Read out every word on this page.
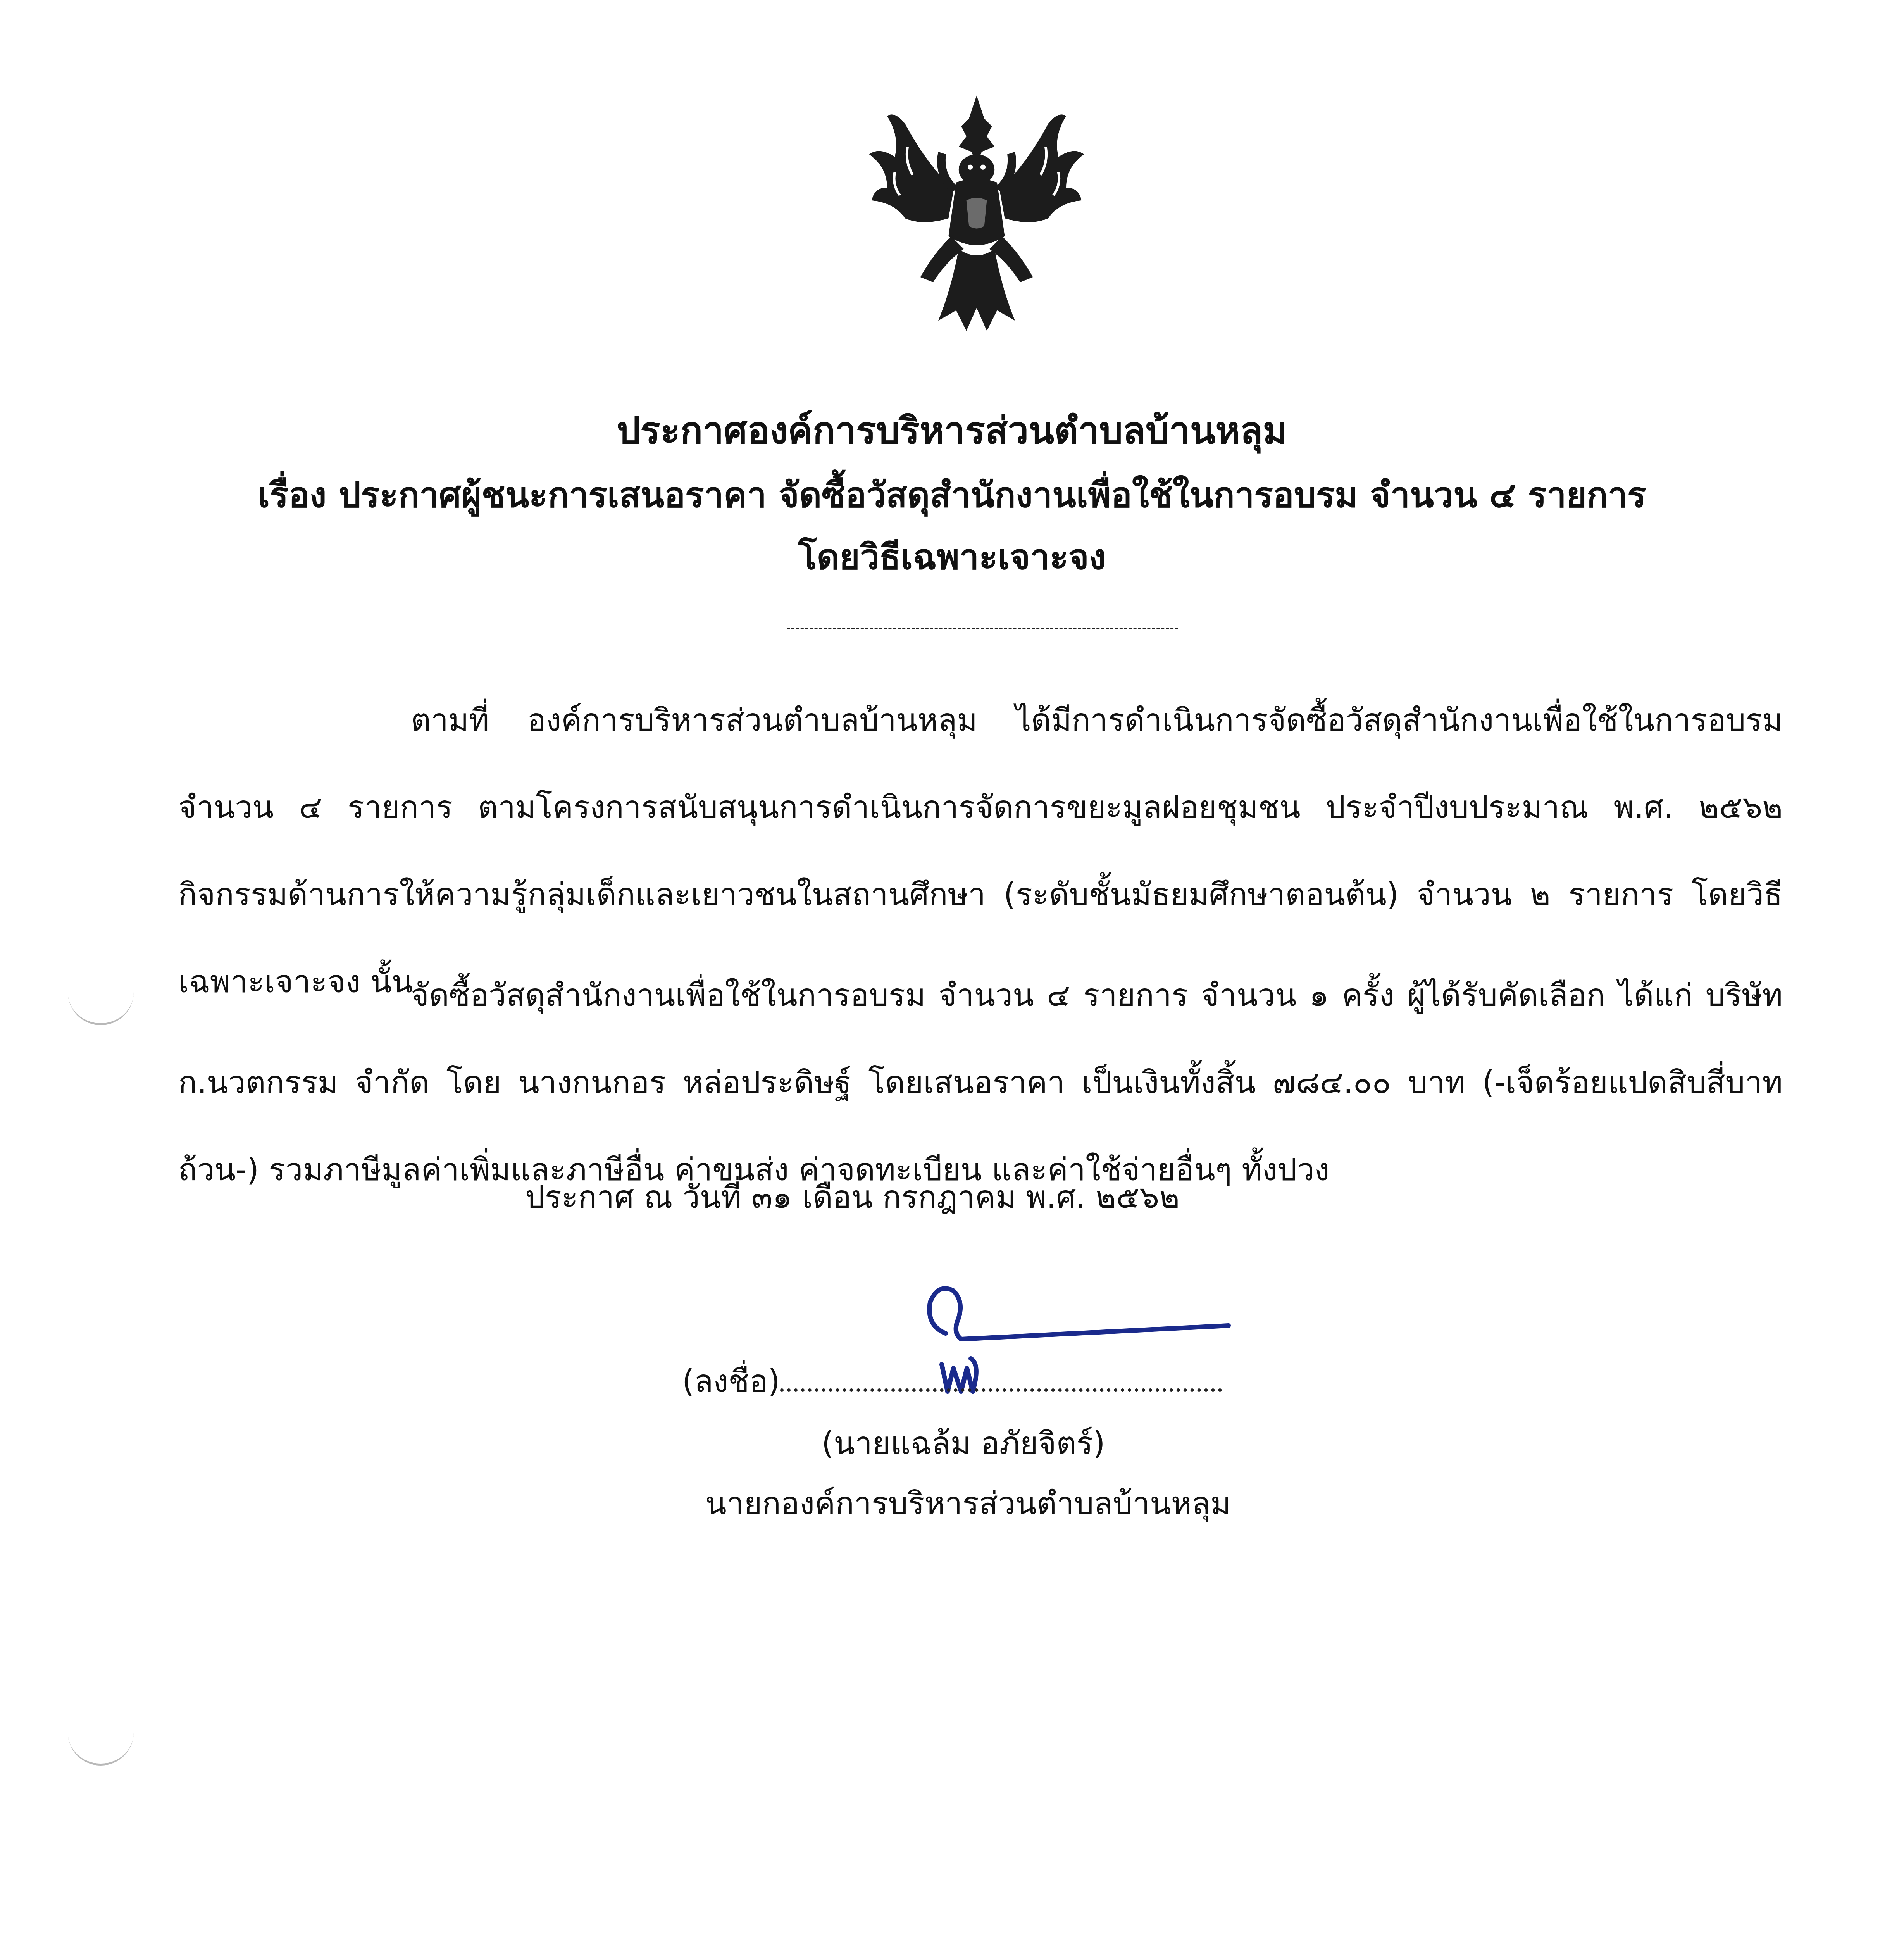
ประกาศองค์การบริหารส่วนตำบลบ้านหลุม
เรื่อง ประกาศผู้ชนะการเสนอราคา จัดซื้อวัสดุสำนักงานเพื่อใช้ในการอบรม จำนวน ๔ รายการ
โดยวิธีเฉพาะเจาะจง
ตามที่ องค์การบริหารส่วนตำบลบ้านหลุม ได้มีการดำเนินการจัดซื้อวัสดุสำนักงานเพื่อใช้ในการอบรม จำนวน ๔ รายการ ตามโครงการสนับสนุนการดำเนินการจัดการขยะมูลฝอยชุมชน ประจำปีงบประมาณ พ.ศ. ๒๕๖๒ กิจกรรมด้านการให้ความรู้กลุ่มเด็กและเยาวชนในสถานศึกษา (ระดับชั้นมัธยมศึกษาตอนต้น) จำนวน ๒ รายการ โดยวิธีเฉพาะเจาะจง นั้น
จัดซื้อวัสดุสำนักงานเพื่อใช้ในการอบรม จำนวน ๔ รายการ จำนวน ๑ ครั้ง ผู้ได้รับคัดเลือก ได้แก่ บริษัท ก.นวตกรรม จำกัด โดย นางกนกอร หล่อประดิษฐ์ โดยเสนอราคา เป็นเงินทั้งสิ้น ๗๘๔.๐๐ บาท (-เจ็ดร้อยแปดสิบสี่บาทถ้วน-) รวมภาษีมูลค่าเพิ่มและภาษีอื่น ค่าขนส่ง ค่าจดทะเบียน และค่าใช้จ่ายอื่นๆ ทั้งปวง
ประกาศ ณ วันที่ ๓๑ เดือน กรกฎาคม พ.ศ. ๒๕๖๒
(ลงชื่อ)
(นายแฉล้ม อภัยจิตร์)
นายกองค์การบริหารส่วนตำบลบ้านหลุม
